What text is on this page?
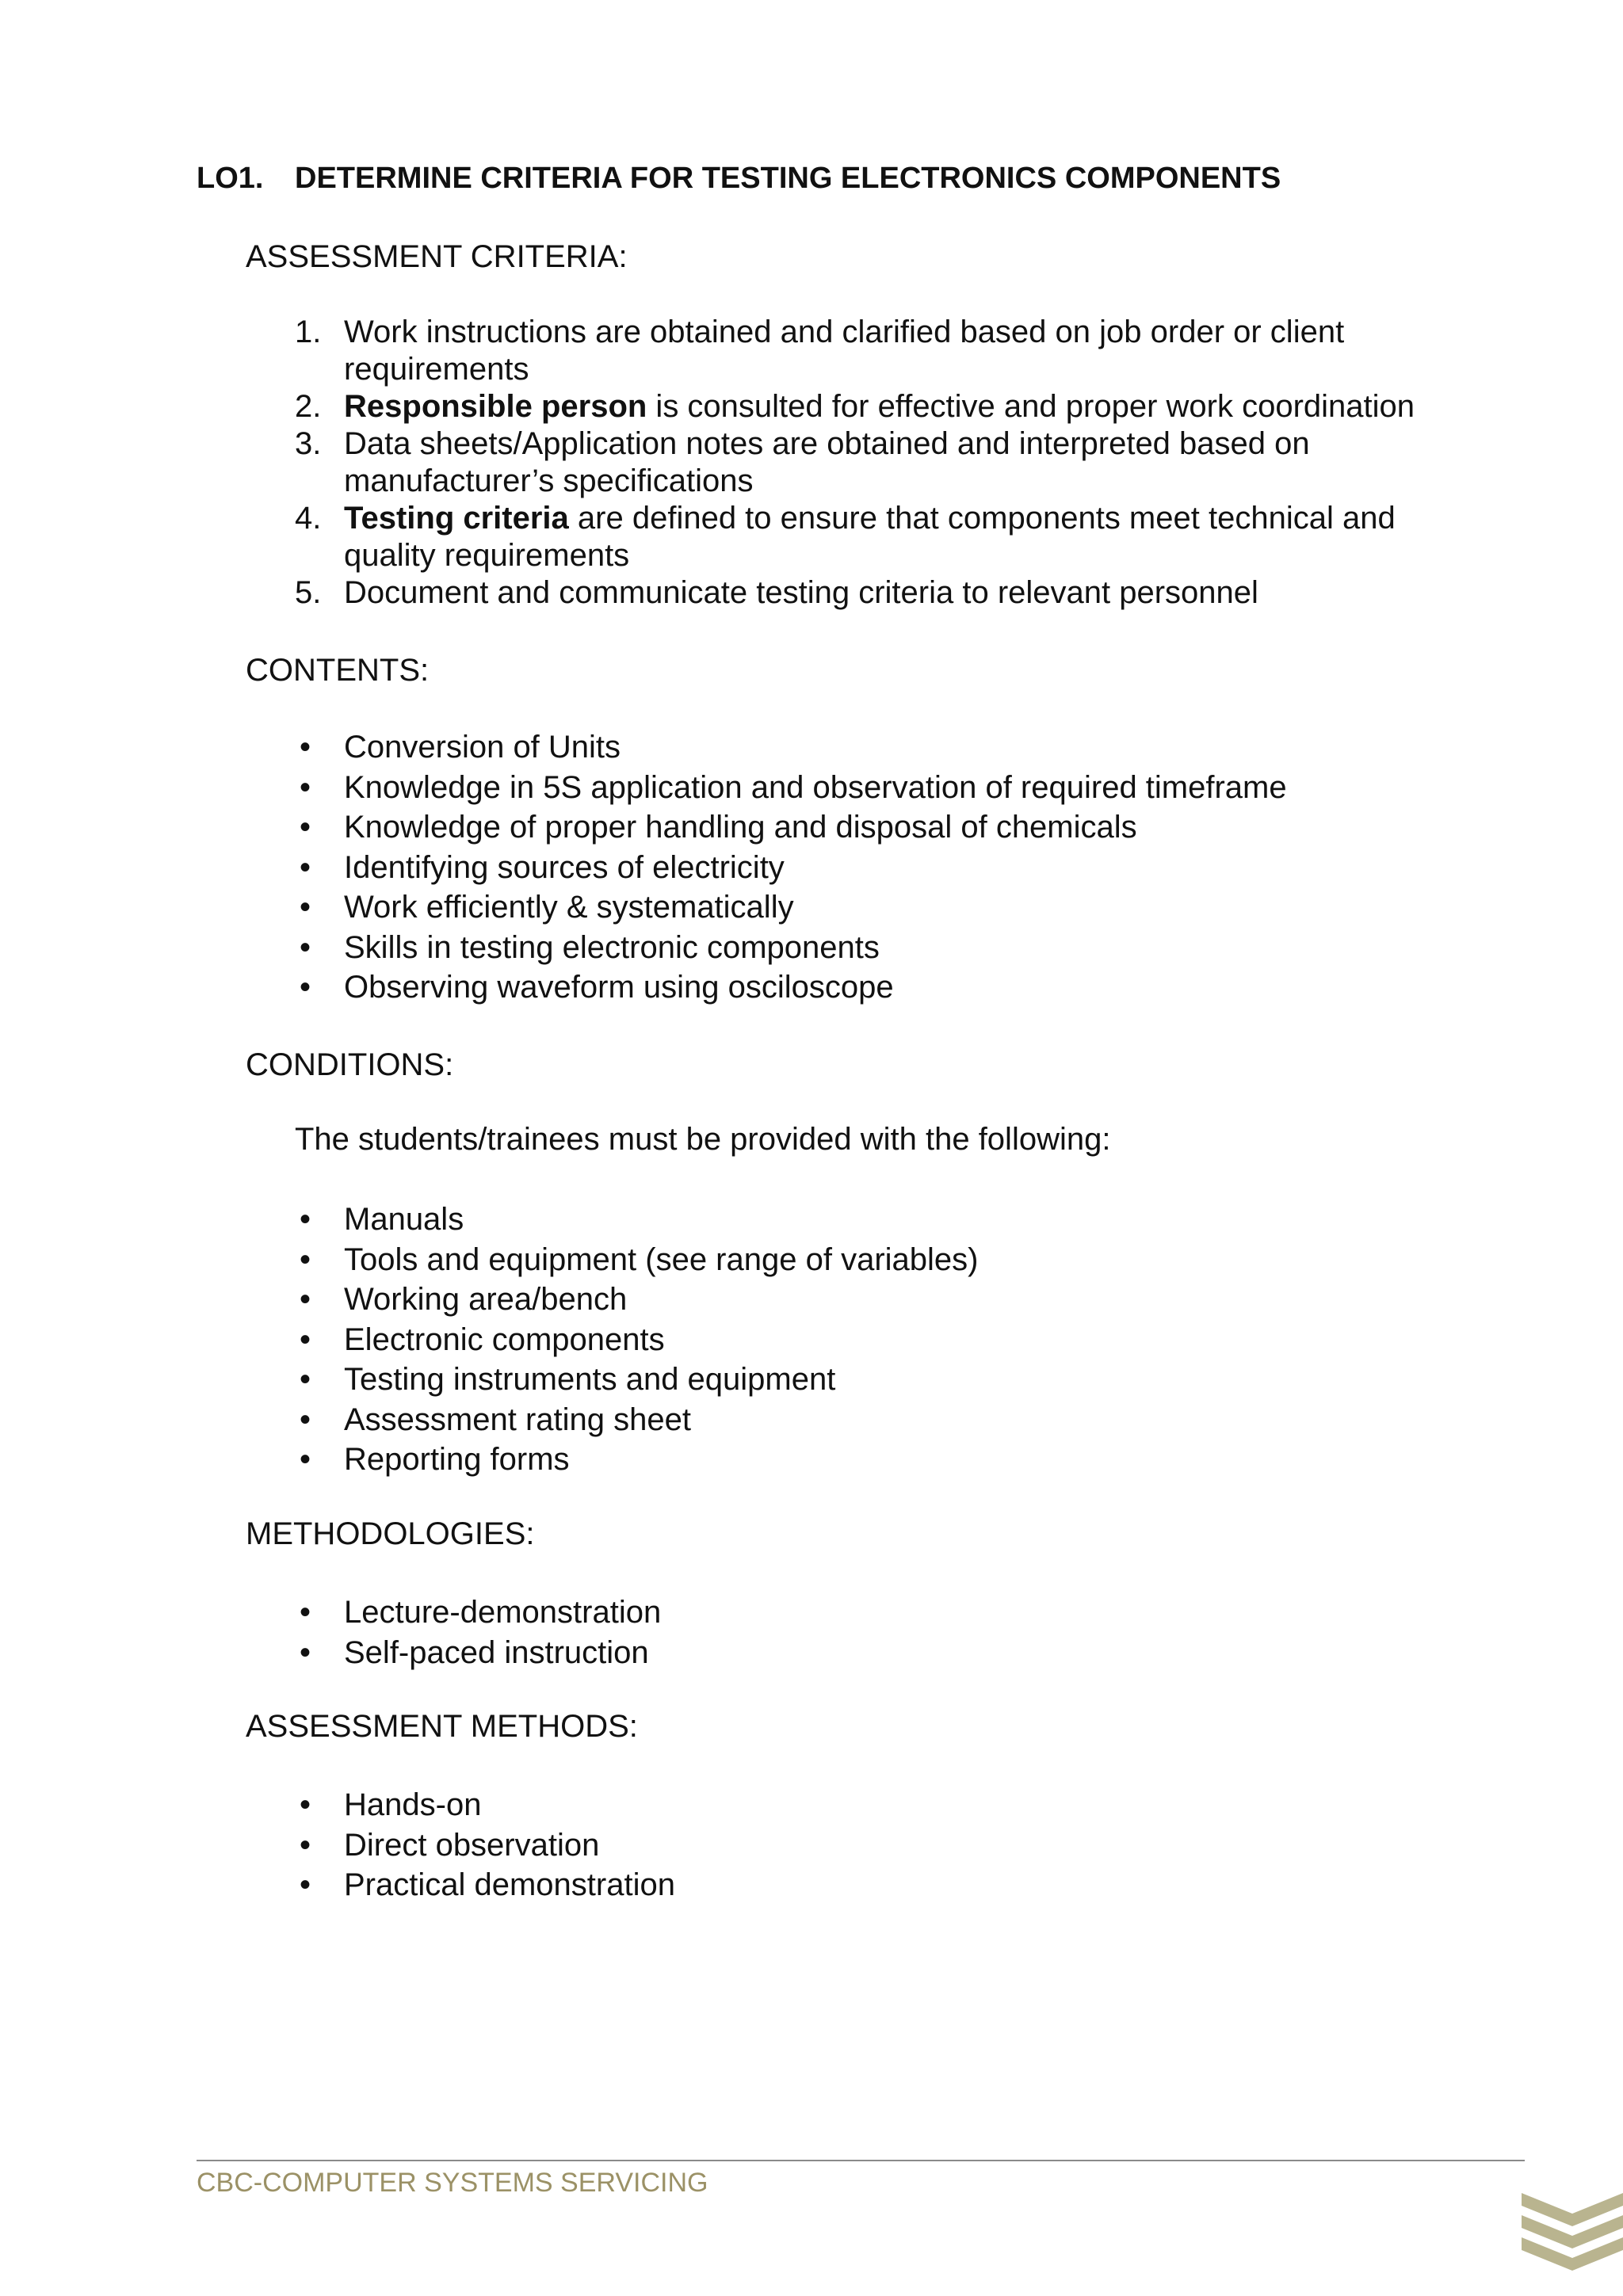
LO1. DETERMINE CRITERIA FOR TESTING ELECTRONICS COMPONENTS
ASSESSMENT CRITERIA:
1. Work instructions are obtained and clarified based on job order or client
requirements
2. Responsible person is consulted for effective and proper work coordination
3. Data sheets/Application notes are obtained and interpreted based on
manufacturer’s specifications
4. Testing criteria are defined to ensure that components meet technical and
quality requirements
5. Document and communicate testing criteria to relevant personnel
CONTENTS:
• Conversion of Units
• Knowledge in 5S application and observation of required timeframe
• Knowledge of proper handling and disposal of chemicals
• Identifying sources of electricity
• Work efficiently & systematically
• Skills in testing electronic components
• Observing waveform using osciloscope
CONDITIONS:
The students/trainees must be provided with the following:
• Manuals
• Tools and equipment (see range of variables)
• Working area/bench
• Electronic components
• Testing instruments and equipment
• Assessment rating sheet
• Reporting forms
METHODOLOGIES:
• Lecture-demonstration
• Self-paced instruction
ASSESSMENT METHODS:
• Hands-on
• Direct observation
• Practical demonstration
CBC-COMPUTER SYSTEMS SERVICING
